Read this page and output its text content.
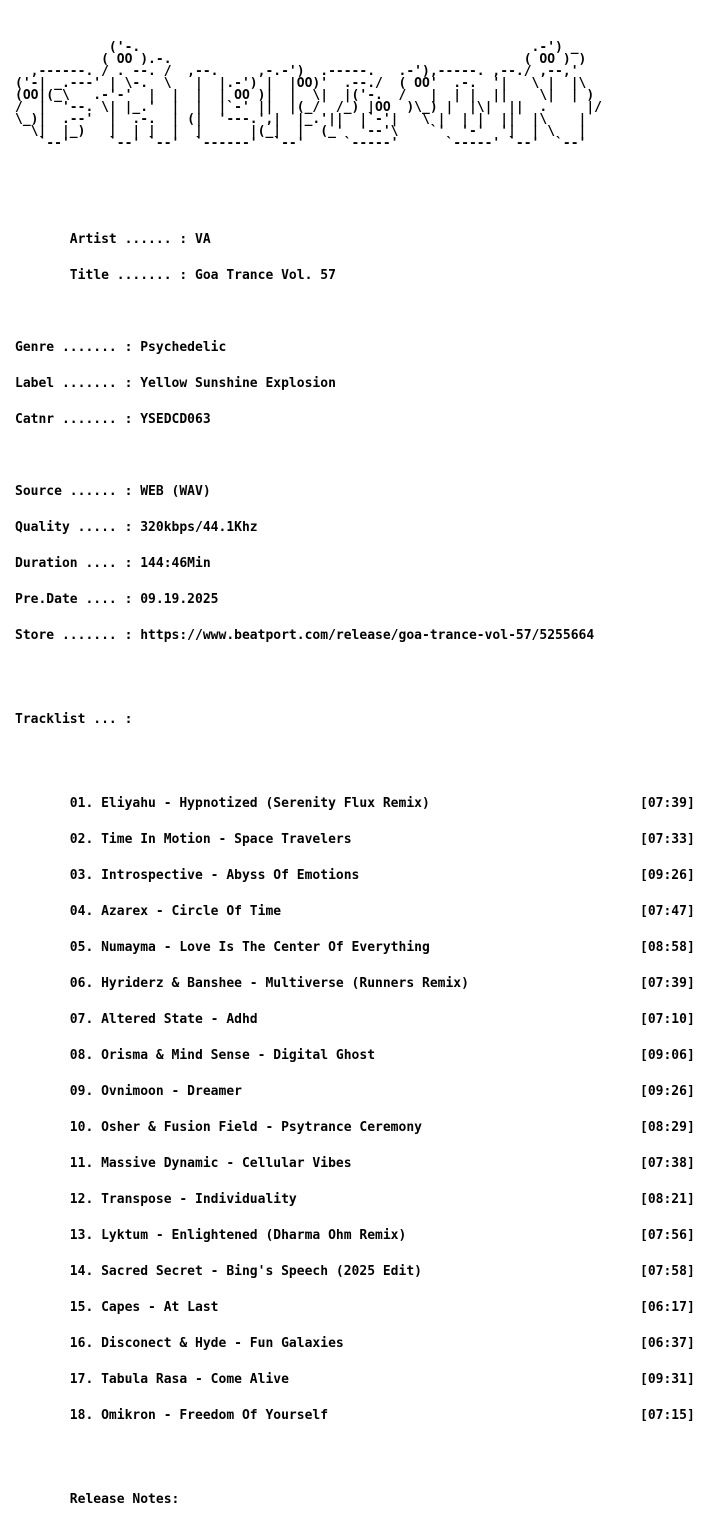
('-.                                                  .-') _
( OO ).-.                                             ( OO ) )
,------. / . --. /  ,--.     ,-.-')  .-----.   .-'),-----. ,--./ ,--,'
('-| _.---' | \-.  \   |  |.-') |  |OO)'  .--./  ( OO'  .-.  '|   \ |  |\
(OO|(_\   .-'-'  |  |  |  | OO )|  |  \|  |('-.  /   |  | |  ||    \|  | )
/  |  '--. \| |_.'  |  |  |`-' ||  |(_/  /_) |OO  )\_) |  |\|  ||  .     |/
\_)|  .--'  |  .-.  | (|  '---.',|  |_.'||  |`-'|   \ |  | |  ||  |\    |
\|  |_)   |  | |  |  |      |(_|  |  (_'  '--'\    `'  '-'  '|  | \   |
`--'     `--' `--'  `------'  `--'     `-----'      `-----' `--'  `--'

Artist ...... : VA

Title ....... : Goa Trance Vol. 57

Genre ....... : Psychedelic

Label ....... : Yellow Sunshine Explosion

Catnr ....... : YSEDCD063

Source ...... : WEB (WAV)

Quality ..... : 320kbps/44.1Khz

Duration .... : 144:46Min

Pre.Date .... : 09.19.2025

Store ....... : https://www.beatport.com/release/goa-trance-vol-57/5255664

Tracklist ... :

01. Eliyahu - Hypnotized (Serenity Flux Remix)	[07:39]

02. Time In Motion - Space Travelers	[07:33]

03. Introspective - Abyss Of Emotions	[09:26]

04. Azarex - Circle Of Time	[07:47]

05. Numayma - Love Is The Center Of Everything	[08:58]

06. Hyriderz & Banshee - Multiverse (Runners Remix)	[07:39]

07. Altered State - Adhd	[07:10]

08. Orisma & Mind Sense - Digital Ghost	[09:06]

09. Ovnimoon - Dreamer	[09:26]

10. Osher & Fusion Field - Psytrance Ceremony	[08:29]

11. Massive Dynamic - Cellular Vibes	[07:38]

12. Transpose - Individuality	[08:21]

13. Lyktum - Enlightened (Dharma Ohm Remix)	[07:56]

14. Sacred Secret - Bing's Speech (2025 Edit)	[07:58]

15. Capes - At Last	[06:17]

16. Disconect & Hyde - Fun Galaxies	[06:37]

17. Tabula Rasa - Come Alive	[09:31]

18. Omikron - Freedom Of Yourself	[07:15]

Release Notes:
